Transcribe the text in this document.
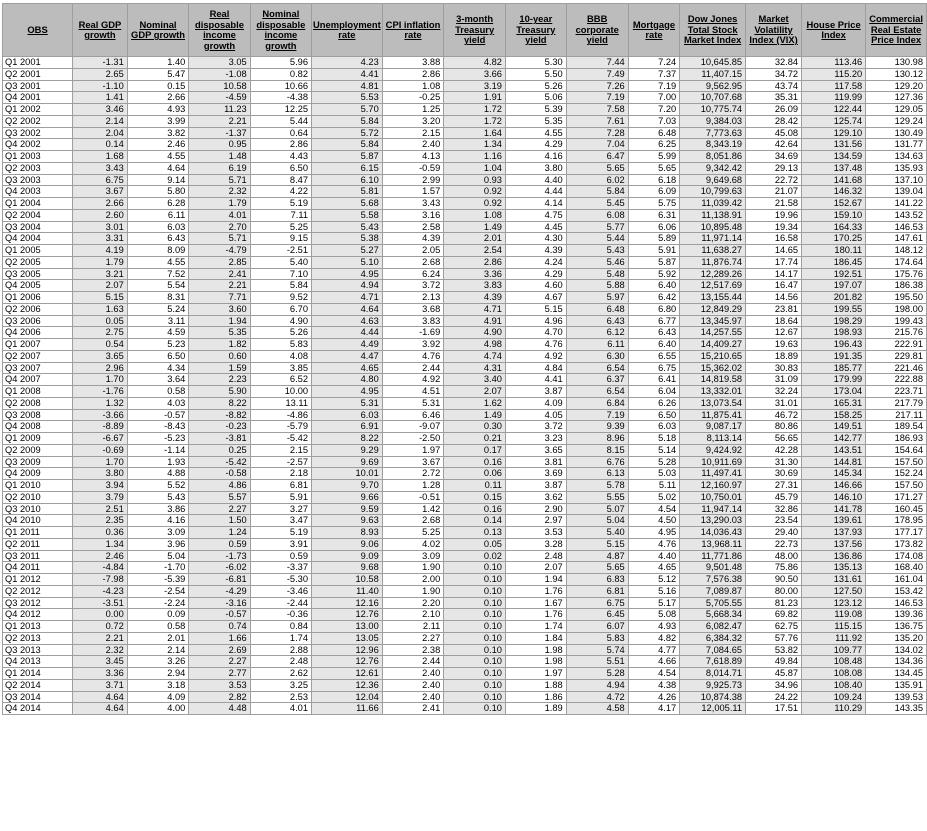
OBS	Real GDP growth	Nominal GDP growth	Real disposable income growth	Nominal disposable income growth	Unemployment rate	CPI inflation rate	3-month Treasury yield	10-year Treasury yield	BBB corporate yield	Mortgage rate	Dow Jones Total Stock Market Index	Market Volatility Index (VIX)	House Price Index	Commercial Real Estate Price Index
Q1 2001	-1.31	1.40	3.05	5.96	4.23	3.88	4.82	5.30	7.44	7.24	10,645.85	32.84	113.46	130.98
Q2 2001	2.65	5.47	-1.08	0.82	4.41	2.86	3.66	5.50	7.49	7.37	11,407.15	34.72	115.20	130.12
Q3 2001	-1.10	0.15	10.58	10.66	4.81	1.08	3.19	5.26	7.26	7.19	9,562.95	43.74	117.58	129.20
Q4 2001	1.41	2.66	-4.59	-4.38	5.53	-0.25	1.91	5.06	7.19	7.00	10,707.68	35.31	119.99	127.36
Q1 2002	3.46	4.93	11.23	12.25	5.70	1.25	1.72	5.39	7.58	7.20	10,775.74	26.09	122.44	129.05
Q2 2002	2.14	3.99	2.21	5.44	5.84	3.20	1.72	5.35	7.61	7.03	9,384.03	28.42	125.74	129.24
Q3 2002	2.04	3.82	-1.37	0.64	5.72	2.15	1.64	4.55	7.28	6.48	7,773.63	45.08	129.10	130.49
Q4 2002	0.14	2.46	0.95	2.86	5.84	2.40	1.34	4.29	7.04	6.25	8,343.19	42.64	131.56	131.77
Q1 2003	1.68	4.55	1.48	4.43	5.87	4.13	1.16	4.16	6.47	5.99	8,051.86	34.69	134.59	134.63
Q2 2003	3.43	4.64	6.19	6.50	6.15	-0.59	1.04	3.80	5.65	5.65	9,342.42	29.13	137.48	135.93
Q3 2003	6.75	9.14	5.71	8.47	6.10	2.99	0.93	4.40	6.02	6.18	9,649.68	22.72	141.68	137.10
Q4 2003	3.67	5.80	2.32	4.22	5.81	1.57	0.92	4.44	5.84	6.09	10,799.63	21.07	146.32	139.04
Q1 2004	2.66	6.28	1.79	5.19	5.68	3.43	0.92	4.14	5.45	5.75	11,039.42	21.58	152.67	141.22
Q2 2004	2.60	6.11	4.01	7.11	5.58	3.16	1.08	4.75	6.08	6.31	11,138.91	19.96	159.10	143.52
Q3 2004	3.01	6.03	2.70	5.25	5.43	2.58	1.49	4.45	5.77	6.06	10,895.48	19.34	164.33	146.53
Q4 2004	3.31	6.43	5.71	9.15	5.38	4.39	2.01	4.30	5.44	5.89	11,971.14	16.58	170.25	147.61
Q1 2005	4.19	8.09	-4.79	-2.51	5.27	2.05	2.54	4.39	5.43	5.91	11,638.27	14.65	180.11	148.12
Q2 2005	1.79	4.55	2.85	5.40	5.10	2.68	2.86	4.24	5.46	5.87	11,876.74	17.74	186.45	174.64
Q3 2005	3.21	7.52	2.41	7.10	4.95	6.24	3.36	4.29	5.48	5.92	12,289.26	14.17	192.51	175.76
Q4 2005	2.07	5.54	2.21	5.84	4.94	3.72	3.83	4.60	5.88	6.40	12,517.69	16.47	197.07	186.38
Q1 2006	5.15	8.31	7.71	9.52	4.71	2.13	4.39	4.67	5.97	6.42	13,155.44	14.56	201.82	195.50
Q2 2006	1.63	5.24	3.60	6.70	4.64	3.68	4.71	5.15	6.48	6.80	12,849.29	23.81	199.55	198.00
Q3 2006	0.05	3.11	1.94	4.90	4.63	3.83	4.91	4.96	6.43	6.77	13,345.97	18.64	198.29	199.43
Q4 2006	2.75	4.59	5.35	5.26	4.44	-1.69	4.90	4.70	6.12	6.43	14,257.55	12.67	198.93	215.76
Q1 2007	0.54	5.23	1.82	5.83	4.49	3.92	4.98	4.76	6.11	6.40	14,409.27	19.63	196.43	222.91
Q2 2007	3.65	6.50	0.60	4.08	4.47	4.76	4.74	4.92	6.30	6.55	15,210.65	18.89	191.35	229.81
Q3 2007	2.96	4.34	1.59	3.85	4.65	2.44	4.31	4.84	6.54	6.75	15,362.02	30.83	185.77	221.46
Q4 2007	1.70	3.64	2.23	6.52	4.80	4.92	3.40	4.41	6.37	6.41	14,819.58	31.09	179.99	222.88
Q1 2008	-1.76	0.58	5.90	10.00	4.95	4.51	2.07	3.87	6.54	6.04	13,332.01	32.24	173.04	223.71
Q2 2008	1.32	4.03	8.22	13.11	5.31	5.31	1.62	4.09	6.84	6.26	13,073.54	31.01	165.31	217.79
Q3 2008	-3.66	-0.57	-8.82	-4.86	6.03	6.46	1.49	4.05	7.19	6.50	11,875.41	46.72	158.25	217.11
Q4 2008	-8.89	-8.43	-0.23	-5.79	6.91	-9.07	0.30	3.72	9.39	6.03	9,087.17	80.86	149.51	189.54
Q1 2009	-6.67	-5.23	-3.81	-5.42	8.22	-2.50	0.21	3.23	8.96	5.18	8,113.14	56.65	142.77	186.93
Q2 2009	-0.69	-1.14	0.25	2.15	9.29	1.97	0.17	3.65	8.15	5.14	9,424.92	42.28	143.51	154.64
Q3 2009	1.70	1.93	-5.42	-2.57	9.69	3.67	0.16	3.81	6.76	5.28	10,911.69	31.30	144.81	157.50
Q4 2009	3.80	4.88	-0.58	2.18	10.01	2.72	0.06	3.69	6.13	5.03	11,497.41	30.69	145.34	152.24
Q1 2010	3.94	5.52	4.86	6.81	9.70	1.28	0.11	3.87	5.78	5.11	12,160.97	27.31	146.66	157.50
Q2 2010	3.79	5.43	5.57	5.91	9.66	-0.51	0.15	3.62	5.55	5.02	10,750.01	45.79	146.10	171.27
Q3 2010	2.51	3.86	2.27	3.27	9.59	1.42	0.16	2.90	5.07	4.54	11,947.14	32.86	141.78	160.45
Q4 2010	2.35	4.16	1.50	3.47	9.63	2.68	0.14	2.97	5.04	4.50	13,290.03	23.54	139.61	178.95
Q1 2011	0.36	3.09	1.24	5.19	8.93	5.25	0.13	3.53	5.40	4.95	14,036.43	29.40	137.93	177.17
Q2 2011	1.34	3.96	0.59	3.91	9.06	4.02	0.05	3.28	5.15	4.76	13,968.11	22.73	137.56	173.82
Q3 2011	2.46	5.04	-1.73	0.59	9.09	3.09	0.02	2.48	4.87	4.40	11,771.86	48.00	136.86	174.08
Q4 2011	-4.84	-1.70	-6.02	-3.37	9.68	1.90	0.10	2.07	5.65	4.65	9,501.48	75.86	135.13	168.40
Q1 2012	-7.98	-5.39	-6.81	-5.30	10.58	2.00	0.10	1.94	6.83	5.12	7,576.38	90.50	131.61	161.04
Q2 2012	-4.23	-2.54	-4.29	-3.46	11.40	1.90	0.10	1.76	6.81	5.16	7,089.87	80.00	127.50	153.42
Q3 2012	-3.51	-2.24	-3.16	-2.44	12.16	2.20	0.10	1.67	6.75	5.17	5,705.55	81.23	123.12	146.53
Q4 2012	0.00	0.09	-0.57	-0.36	12.76	2.10	0.10	1.76	6.45	5.08	5,668.34	69.82	119.08	139.36
Q1 2013	0.72	0.58	0.74	0.84	13.00	2.11	0.10	1.74	6.07	4.93	6,082.47	62.75	115.15	136.75
Q2 2013	2.21	2.01	1.66	1.74	13.05	2.27	0.10	1.84	5.83	4.82	6,384.32	57.76	111.92	135.20
Q3 2013	2.32	2.14	2.69	2.88	12.96	2.38	0.10	1.98	5.74	4.77	7,084.65	53.82	109.77	134.02
Q4 2013	3.45	3.26	2.27	2.48	12.76	2.44	0.10	1.98	5.51	4.66	7,618.89	49.84	108.48	134.36
Q1 2014	3.36	2.94	2.77	2.62	12.61	2.40	0.10	1.97	5.28	4.54	8,014.71	45.87	108.08	134.45
Q2 2014	3.71	3.18	3.53	3.25	12.36	2.40	0.10	1.88	4.94	4.38	9,925.73	34.96	108.40	135.91
Q3 2014	4.64	4.09	2.82	2.53	12.04	2.40	0.10	1.86	4.72	4.26	10,874.38	24.22	109.24	139.53
Q4 2014	4.64	4.00	4.48	4.01	11.66	2.41	0.10	1.89	4.58	4.17	12,005.11	17.51	110.29	143.35
